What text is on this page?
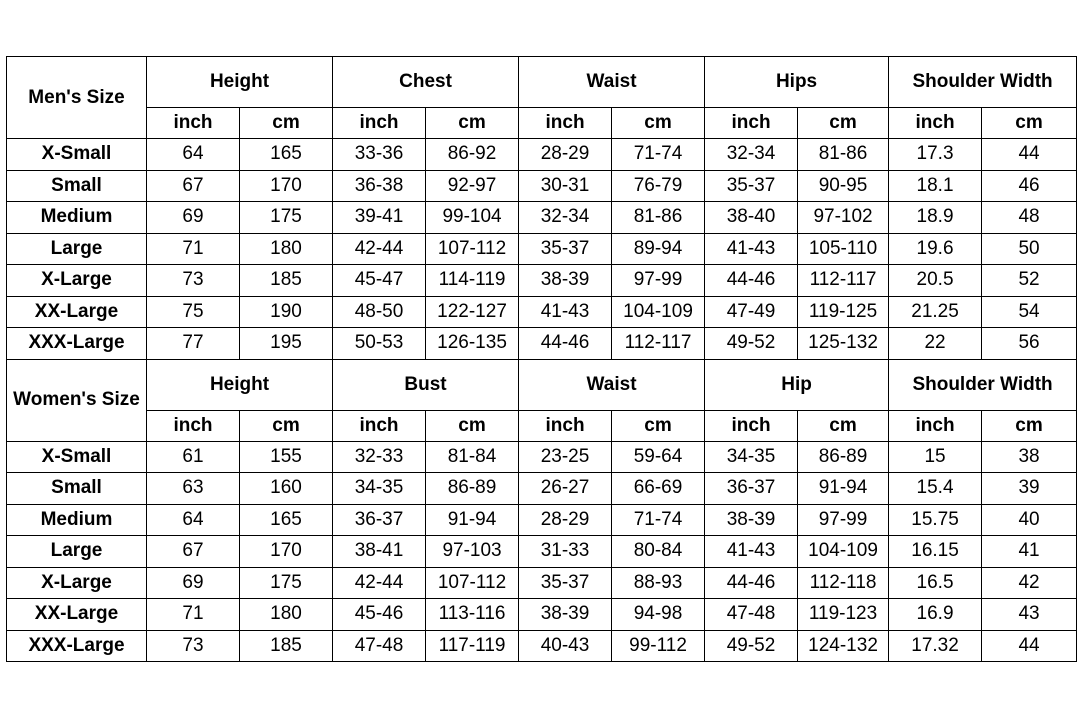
Men's Size	Height		Chest		Waist		Hips		Shoulder Width	
	inch	cm	inch	cm	inch	cm	inch	cm	inch	cm
X-Small	64	165	33-36	86-92	28-29	71-74	32-34	81-86	17.3	44
Small	67	170	36-38	92-97	30-31	76-79	35-37	90-95	18.1	46
Medium	69	175	39-41	99-104	32-34	81-86	38-40	97-102	18.9	48
Large	71	180	42-44	107-112	35-37	89-94	41-43	105-110	19.6	50
X-Large	73	185	45-47	114-119	38-39	97-99	44-46	112-117	20.5	52
XX-Large	75	190	48-50	122-127	41-43	104-109	47-49	119-125	21.25	54
XXX-Large	77	195	50-53	126-135	44-46	112-117	49-52	125-132	22	56
Women's Size	Height		Bust		Waist		Hip		Shoulder Width	
	inch	cm	inch	cm	inch	cm	inch	cm	inch	cm
X-Small	61	155	32-33	81-84	23-25	59-64	34-35	86-89	15	38
Small	63	160	34-35	86-89	26-27	66-69	36-37	91-94	15.4	39
Medium	64	165	36-37	91-94	28-29	71-74	38-39	97-99	15.75	40
Large	67	170	38-41	97-103	31-33	80-84	41-43	104-109	16.15	41
X-Large	69	175	42-44	107-112	35-37	88-93	44-46	112-118	16.5	42
XX-Large	71	180	45-46	113-116	38-39	94-98	47-48	119-123	16.9	43
XXX-Large	73	185	47-48	117-119	40-43	99-112	49-52	124-132	17.32	44
